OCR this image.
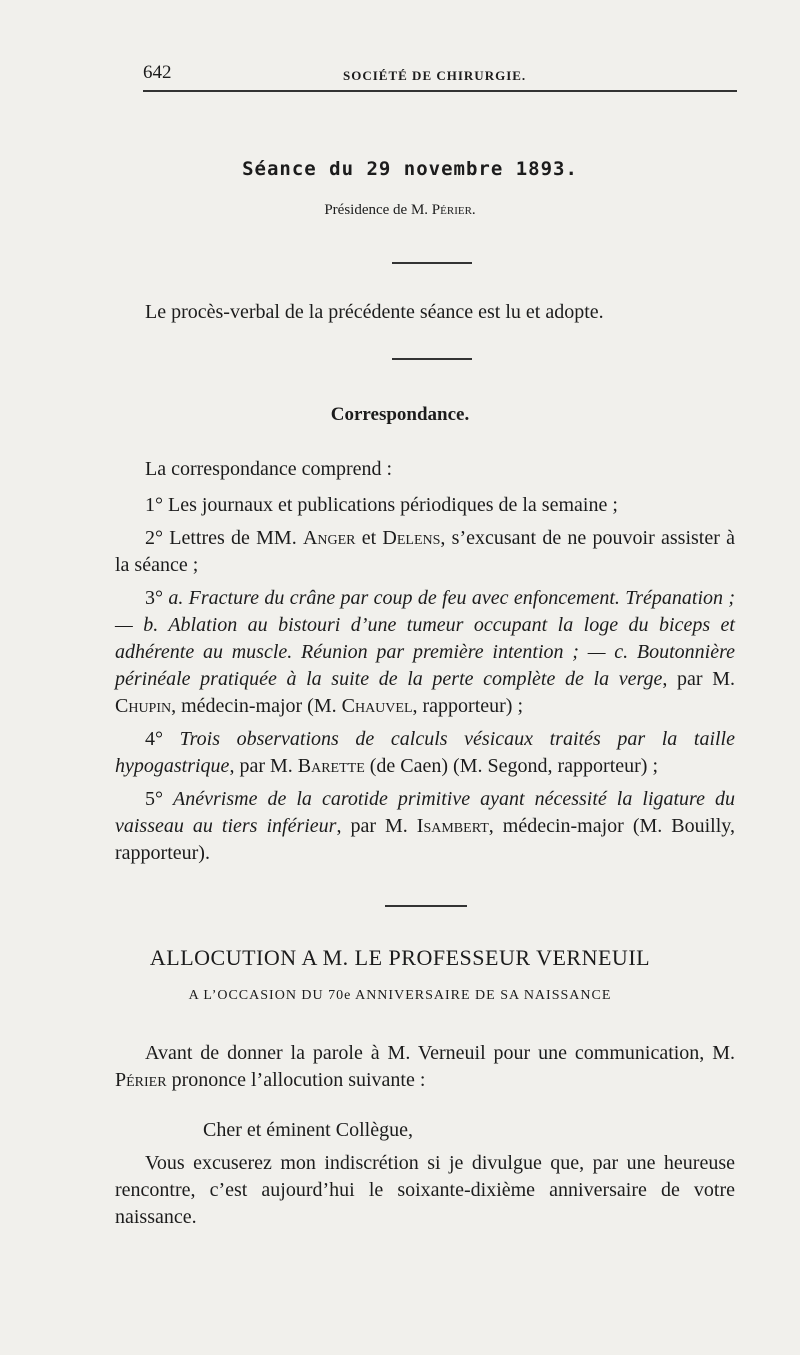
642	SOCIÉTÉ DE CHIRURGIE.
Séance du 29 novembre 1893.
Présidence de M. Périer.

Le procès-verbal de la précédente séance est lu et adopte.

Correspondance.

La correspondance comprend :

1° Les journaux et publications périodiques de la semaine ;

2° Lettres de MM. Anger et Delens, s’excusant de ne pouvoir assister à la séance ;

3° a. Fracture du crâne par coup de feu avec enfoncement. Trépanation ; — b. Ablation au bistouri d’une tumeur occupant la loge du biceps et adhérente au muscle. Réunion par première intention ; — c. Boutonnière périnéale pratiquée à la suite de la perte complète de la verge, par M. Chupin, médecin-major (M. Chauvel, rapporteur) ;

4° Trois observations de calculs vésicaux traités par la taille hypogastrique, par M. Barette (de Caen) (M. Segond, rapporteur) ;

5° Anévrisme de la carotide primitive ayant nécessité la ligature du vaisseau au tiers inférieur, par M. Isambert, médecin-major (M. Bouilly, rapporteur).

ALLOCUTION A M. LE PROFESSEUR VERNEUIL
A L’OCCASION DU 70e ANNIVERSAIRE DE SA NAISSANCE

Avant de donner la parole à M. Verneuil pour une communication, M. Périer prononce l’allocution suivante :

Cher et éminent Collègue,

Vous excuserez mon indiscrétion si je divulgue que, par une heureuse rencontre, c’est aujourd’hui le soixante-dixième anniversaire de votre naissance.
